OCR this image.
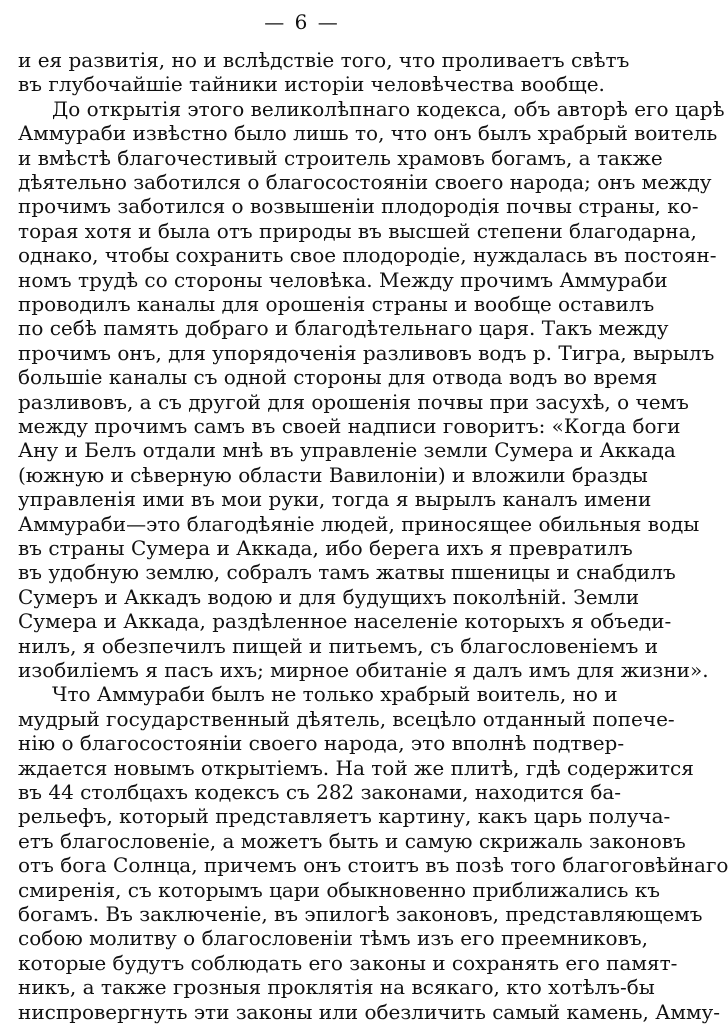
— 6 —
и ея развитія, но и вслѣдствіе того, что проливаетъ свѣтъ
въ глубочайшіе тайники исторіи человѣчества вообще.
До открытія этого великолѣпнаго кодекса, объ авторѣ его царѣ
Аммураби извѣстно было лишь то, что онъ былъ храбрый воитель
и вмѣстѣ благочестивый строитель храмовъ богамъ, а также
дѣятельно заботился о благосостояніи своего народа; онъ между
прочимъ заботился о возвышеніи плодородія почвы страны, ко-
торая хотя и была отъ природы въ высшей степени благодарна,
однако, чтобы сохранить свое плодородіе, нуждалась въ постоян-
номъ трудѣ со стороны человѣка. Между прочимъ Аммураби
проводилъ каналы для орошенія страны и вообще оставилъ
по себѣ память добраго и благодѣтельнаго царя. Такъ между
прочимъ онъ, для упорядоченія разливовъ водъ р. Тигра, вырылъ
большіе каналы съ одной стороны для отвода водъ во время
разливовъ, а съ другой для орошенія почвы при засухѣ, о чемъ
между прочимъ самъ въ своей надписи говоритъ: «Когда боги
Ану и Белъ отдали мнѣ въ управленіе земли Сумера и Аккада
(южную и сѣверную области Вавилоніи) и вложили бразды
управленія ими въ мои руки, тогда я вырылъ каналъ имени
Аммураби—это благодѣяніе людей, приносящее обильныя воды
въ страны Сумера и Аккада, ибо берега ихъ я превратилъ
въ удобную землю, собралъ тамъ жатвы пшеницы и снабдилъ
Сумеръ и Аккадъ водою и для будущихъ поколѣній. Земли
Сумера и Аккада, раздѣленное населеніе которыхъ я объеди-
нилъ, я обезпечилъ пищей и питьемъ, съ благословеніемъ и
изобиліемъ я пасъ ихъ; мирное обитаніе я далъ имъ для жизни».
Что Аммураби былъ не только храбрый воитель, но и
мудрый государственный дѣятель, всецѣло отданный попече-
нію о благосостояніи своего народа, это вполнѣ подтвер-
ждается новымъ открытіемъ. На той же плитѣ, гдѣ содержится
въ 44 столбцахъ кодексъ съ 282 законами, находится ба-
рельефъ, который представляетъ картину, какъ царь получа-
етъ благословеніе, а можетъ быть и самую скрижаль законовъ
отъ бога Солнца, причемъ онъ стоитъ въ позѣ того благоговѣйнаго
смиренія, съ которымъ цари обыкновенно приближались къ
богамъ. Въ заключеніе, въ эпилогѣ законовъ, представляющемъ
собою молитву о благословеніи тѣмъ изъ его преемниковъ,
которые будутъ соблюдать его законы и сохранять его памят-
никъ, а также грозныя проклятія на всякаго, кто хотѣлъ-бы
ниспровергнуть эти законы или обезличить самый камень, Амму-
